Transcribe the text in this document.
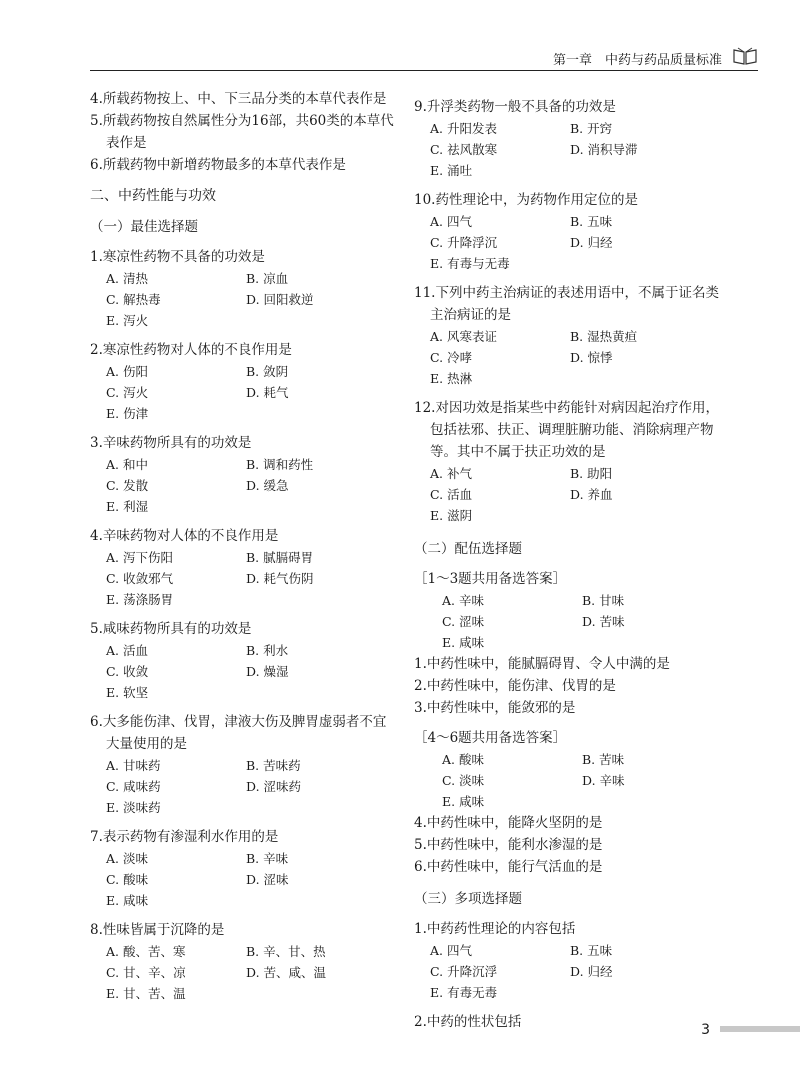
第一章　中药与药品质量标准
4.所载药物按上、中、下三品分类的本草代表作是
5.所载药物按自然属性分为16部，共60类的本草代表作是
6.所载药物中新增药物最多的本草代表作是
二、中药性能与功效
（一）最佳选择题
1.寒凉性药物不具备的功效是
A. 清热	B. 凉血
C. 解热毒	D. 回阳救逆
E. 泻火
2.寒凉性药物对人体的不良作用是
A. 伤阳	B. 敛阴
C. 泻火	D. 耗气
E. 伤津
3.辛味药物所具有的功效是
A. 和中	B. 调和药性
C. 发散	D. 缓急
E. 利湿
4.辛味药物对人体的不良作用是
A. 泻下伤阳	B. 腻膈碍胃
C. 收敛邪气	D. 耗气伤阴
E. 荡涤肠胃
5.咸味药物所具有的功效是
A. 活血	B. 利水
C. 收敛	D. 燥湿
E. 软坚
6.大多能伤津、伐胃，津液大伤及脾胃虚弱者不宜大量使用的是
A. 甘味药	B. 苦味药
C. 咸味药	D. 涩味药
E. 淡味药
7.表示药物有渗湿利水作用的是
A. 淡味	B. 辛味
C. 酸味	D. 涩味
E. 咸味
8.性味皆属于沉降的是
A. 酸、苦、寒	B. 辛、甘、热
C. 甘、辛、凉	D. 苦、咸、温
E. 甘、苦、温
9.升浮类药物一般不具备的功效是
A. 升阳发表	B. 开窍
C. 祛风散寒	D. 消积导滞
E. 涌吐
10.药性理论中，为药物作用定位的是
A. 四气	B. 五味
C. 升降浮沉	D. 归经
E. 有毒与无毒
11.下列中药主治病证的表述用语中，不属于证名类主治病证的是
A. 风寒表证	B. 湿热黄疸
C. 冷哮	D. 惊悸
E. 热淋
12.对因功效是指某些中药能针对病因起治疗作用，包括祛邪、扶正、调理脏腑功能、消除病理产物等。其中不属于扶正功效的是
A. 补气	B. 助阳
C. 活血	D. 养血
E. 滋阴
（二）配伍选择题
［1～3题共用备选答案］
A. 辛味	B. 甘味
C. 涩味	D. 苦味
E. 咸味
1.中药性味中，能腻膈碍胃、令人中满的是
2.中药性味中，能伤津、伐胃的是
3.中药性味中，能敛邪的是
［4～6题共用备选答案］
A. 酸味	B. 苦味
C. 淡味	D. 辛味
E. 咸味
4.中药性味中，能降火坚阴的是
5.中药性味中，能利水渗湿的是
6.中药性味中，能行气活血的是
（三）多项选择题
1.中药药性理论的内容包括
A. 四气	B. 五味
C. 升降沉浮	D. 归经
E. 有毒无毒
2.中药的性状包括	3
